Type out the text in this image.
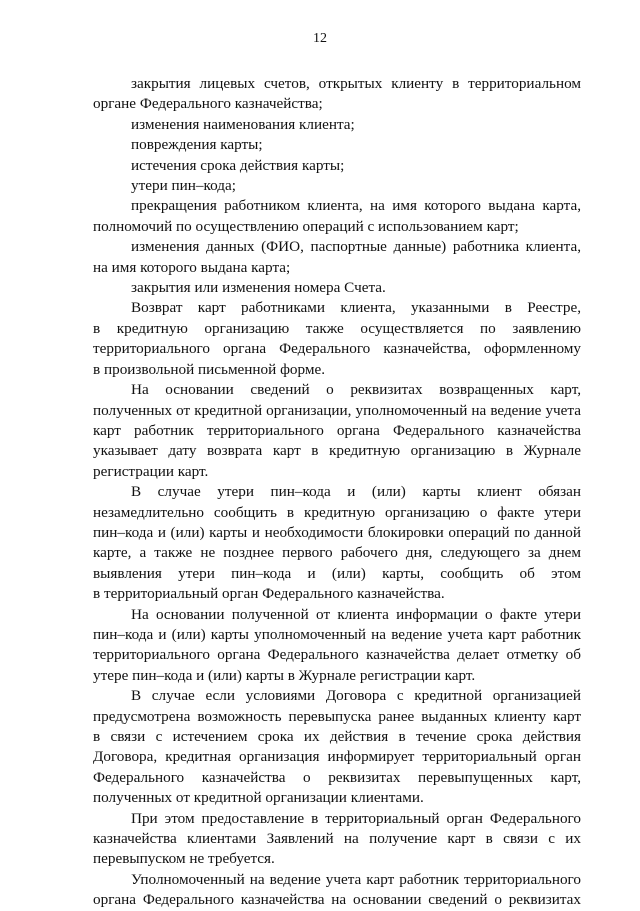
12

закрытия лицевых счетов, открытых клиенту в территориальном

органе Федерального казначейства;

изменения наименования клиента;

повреждения карты;

истечения срока действия карты;

утери пин–кода;

прекращения работником клиента, на имя которого выдана карта,

полномочий по осуществлению операций с использованием карт;

изменения данных (ФИО, паспортные данные) работника клиента,

на имя которого выдана карта;

закрытия или изменения номера Счета.

Возврат карт работниками клиента, указанными в Реестре,

в кредитную организацию также осуществляется по заявлению

территориального органа Федерального казначейства, оформленному

в произвольной письменной форме.

На основании сведений о реквизитах возвращенных карт,

полученных от кредитной организации, уполномоченный на ведение учета

карт работник территориального органа Федерального казначейства

указывает дату возврата карт в кредитную организацию в Журнале

регистрации карт.

В случае утери пин–кода и (или) карты клиент обязан

незамедлительно сообщить в кредитную организацию о факте утери

пин–кода и (или) карты и необходимости блокировки операций по данной

карте, а также не позднее первого рабочего дня, следующего за днем

выявления утери пин–кода и (или) карты, сообщить об этом

в территориальный орган Федерального казначейства.

На основании полученной от клиента информации о факте утери

пин–кода и (или) карты уполномоченный на ведение учета карт работник

территориального органа Федерального казначейства делает отметку об

утере пин–кода и (или) карты в Журнале регистрации карт.

В случае если условиями Договора с кредитной организацией

предусмотрена возможность перевыпуска ранее выданных клиенту карт

в связи с истечением срока их действия в течение срока действия

Договора, кредитная организация информирует территориальный орган

Федерального казначейства о реквизитах перевыпущенных карт,

полученных от кредитной организации клиентами.

При этом предоставление в территориальный орган Федерального

казначейства клиентами Заявлений на получение карт в связи с их

перевыпуском не требуется.

Уполномоченный на ведение учета карт работник территориального

органа Федерального казначейства на основании сведений о реквизитах
